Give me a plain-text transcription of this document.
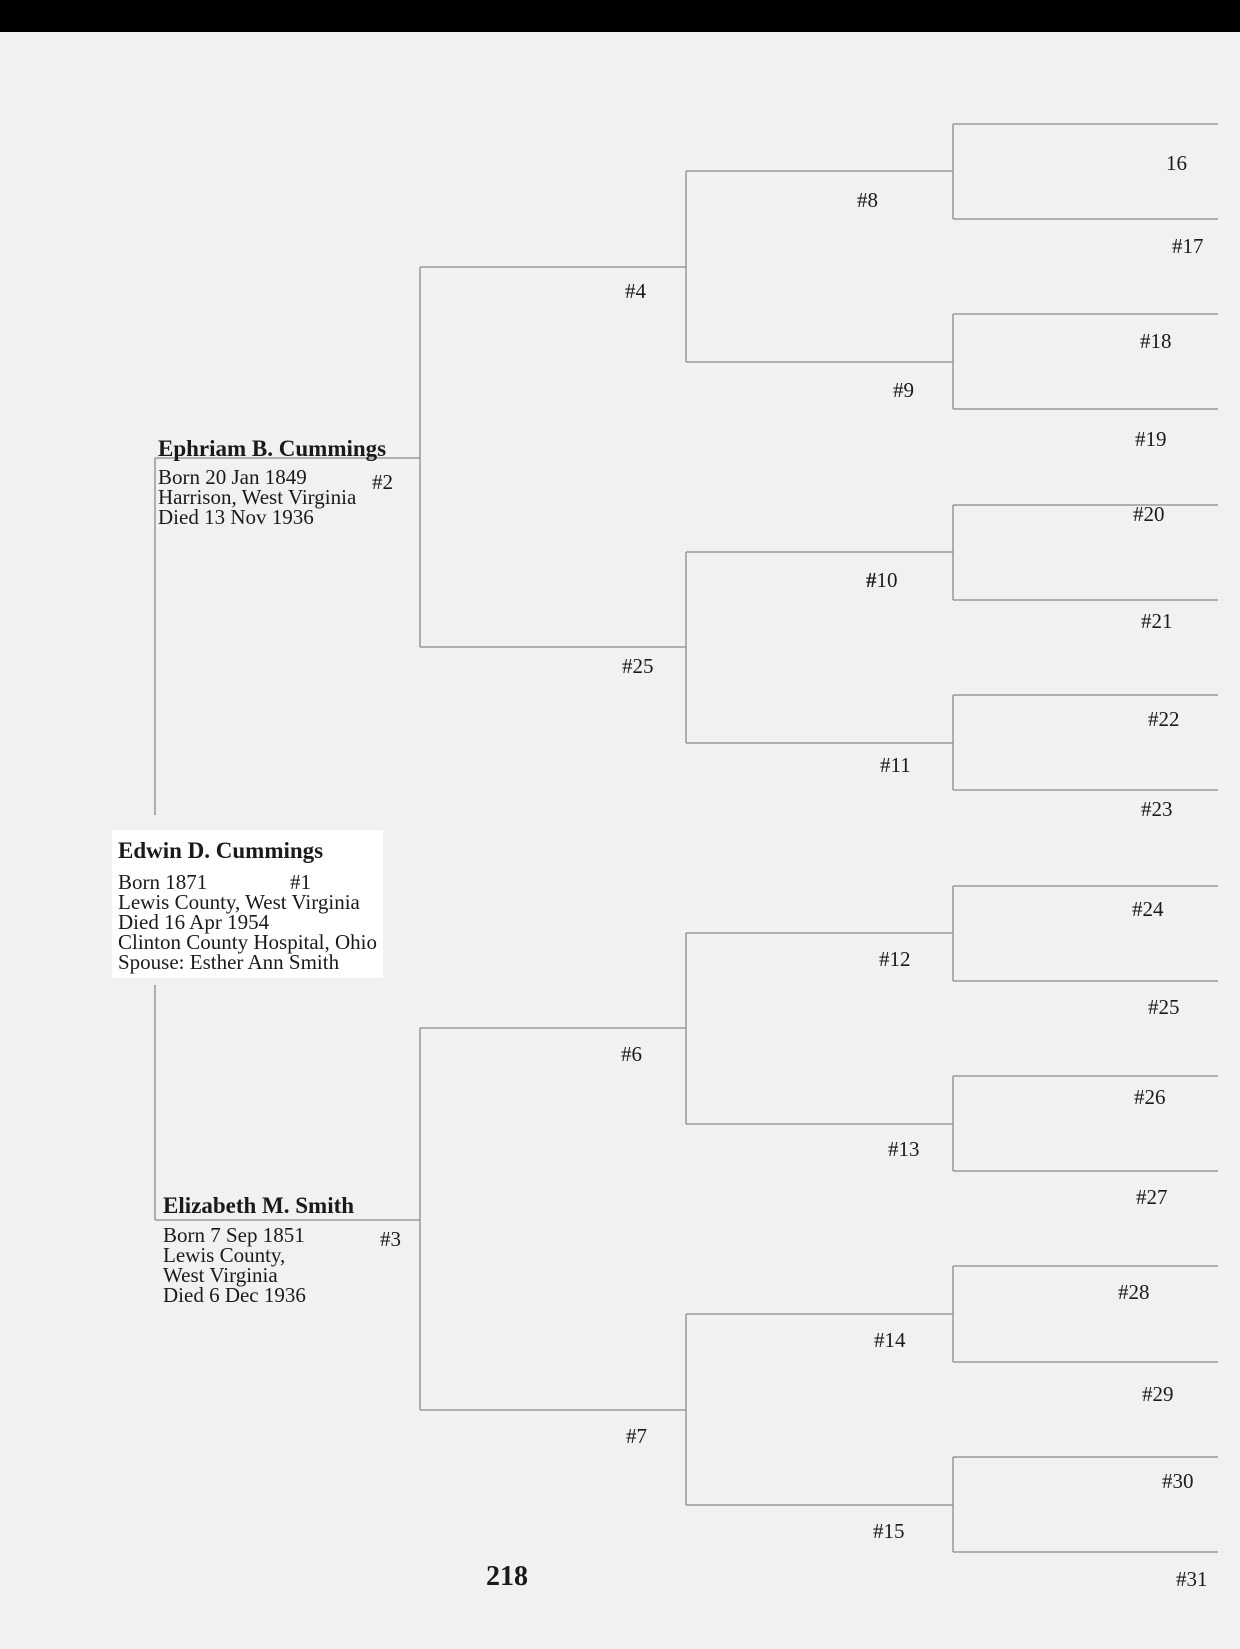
Edwin D. Cummings
Born 1871	#1
Lewis County, West Virginia
Died 16 Apr 1954
Clinton County Hospital, Ohio
Spouse: Esther Ann Smith
Ephriam B. Cummings
Born 20 Jan 1849
Harrison, West Virginia
Died 13 Nov 1936
#2
Elizabeth M. Smith
Born 7 Sep 1851
Lewis County,
West Virginia
Died 6 Dec 1936
#3
#4
#25
#6
#7
#8
#9
#10
#11
#12
#13
#14
#15
16
#17
#18
#19
#20
#21
#22
#23
#24
#25
#26
#27
#28
#29
#30
#31
218
